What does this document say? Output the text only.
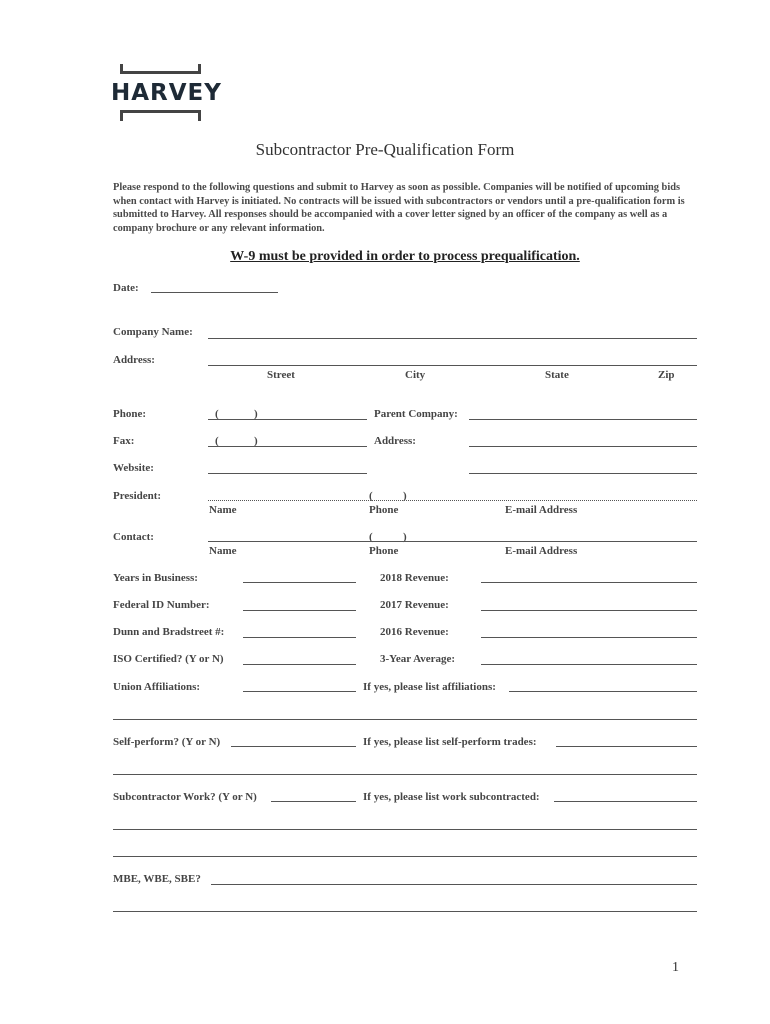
HARVEY
Subcontractor Pre-Qualification Form

Please respond to the following questions and submit to Harvey as soon as possible. Companies will be notified of upcoming bids when contact with Harvey is initiated. No contracts will be issued with subcontractors or vendors until a pre-qualification form is submitted to Harvey. All responses should be accompanied with a cover letter signed by an officer of the company as well as a company brochure or any relevant information.

W-9 must be provided in order to process prequalification.
Date:
Company Name:
Address:
Street	City	State	Zip
Phone:	(	)	Parent Company:
Fax:	(	)	Address:
Website:
President:	(	)
Name	Phone	E-mail Address
Contact:	(	)
Name	Phone	E-mail Address
Years in Business:	2018 Revenue:
Federal ID Number:	2017 Revenue:
Dunn and Bradstreet #:	2016 Revenue:
ISO Certified? (Y or N)	3-Year Average:
Union Affiliations:	If yes, please list affiliations:
Self-perform? (Y or N)	If yes, please list self-perform trades:
Subcontractor Work? (Y or N)	If yes, please list work subcontracted:
MBE, WBE, SBE?
1
